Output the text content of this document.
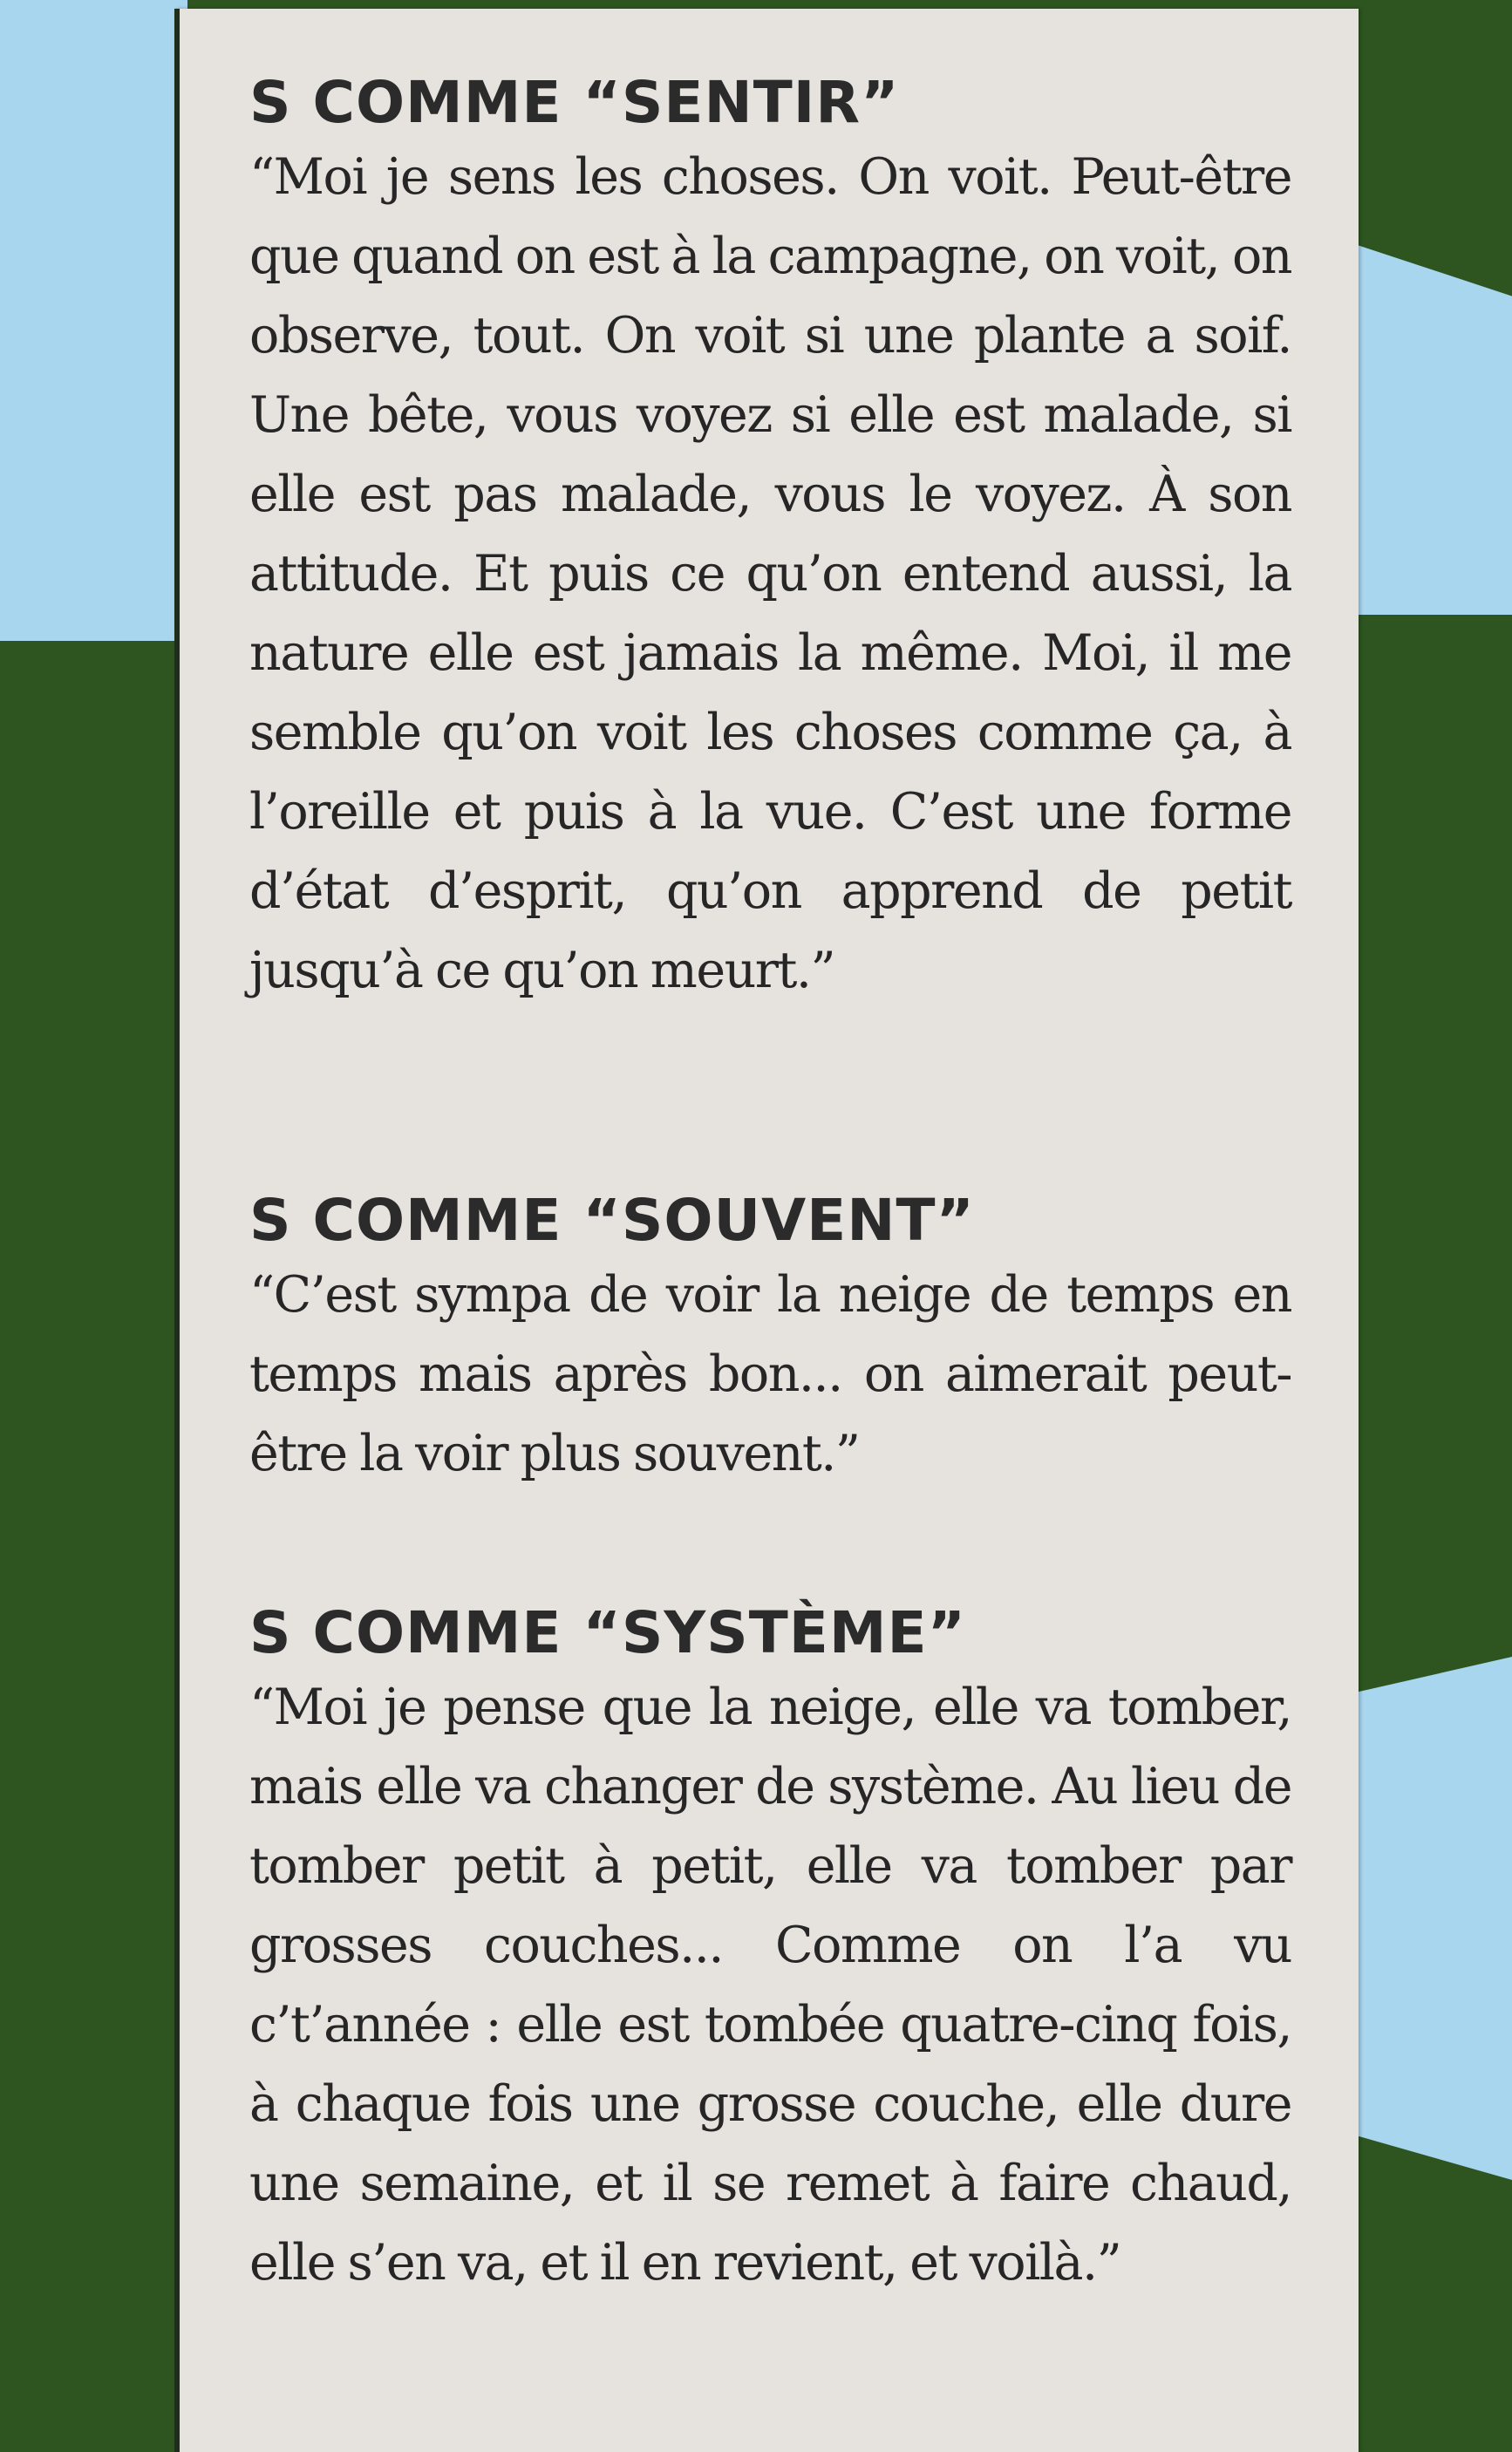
S COMME “SENTIR”

“Moi je sens les choses. On voit. Peut-être que quand on est à la campagne, on voit, on observe, tout. On voit si une plante a soif. Une bête, vous voyez si elle est malade, si elle est pas malade, vous le voyez. À son attitude. Et puis ce qu’on entend aussi, la nature elle est jamais la même. Moi, il me semble qu’on voit les choses comme ça, à l’oreille et puis à la vue. C’est une forme d’état d’esprit, qu’on apprend de petit jusqu’à ce qu’on meurt.”

S COMME “SOUVENT”

“C’est sympa de voir la neige de temps en temps mais après bon... on aimerait peut-être la voir plus souvent.”

S COMME “SYSTÈME”

“Moi je pense que la neige, elle va tomber, mais elle va changer de système. Au lieu de tomber petit à petit, elle va tomber par grosses couches... Comme on l’a vu c’t’année : elle est tombée quatre-cinq fois, à chaque fois une grosse couche, elle dure une semaine, et il se remet à faire chaud, elle s’en va, et il en revient, et voilà.”
